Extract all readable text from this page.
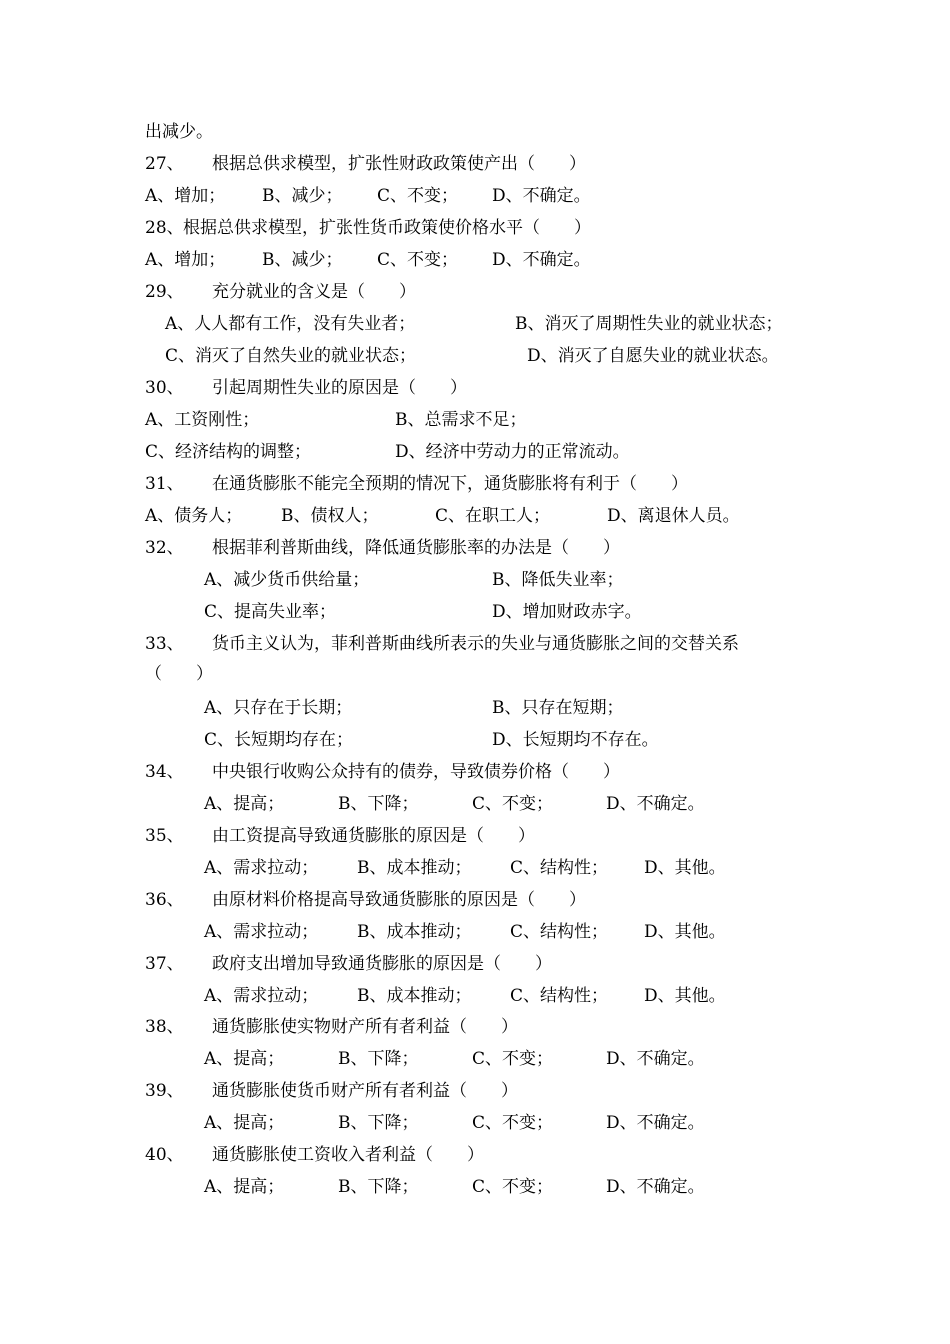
出减少。

27、

根据总供求模型，扩张性财政政策使产出（　　）

A、增加；

B、减少；

C、不变；

D、不确定。

28、

根据总供求模型，扩张性货币政策使价格水平（　　）

A、增加；

B、减少；

C、不变；

D、不确定。

29、

充分就业的含义是（　　）

A、人人都有工作，没有失业者；

	B、消灭了周期性失业的就业状态；

C、消灭了自然失业的就业状态；

	D、消灭了自愿失业的就业状态。

30、

引起周期性失业的原因是（　　）

A、工资刚性；

	B、总需求不足；

C、经济结构的调整；

	D、经济中劳动力的正常流动。

31、

在通货膨胀不能完全预期的情况下，通货膨胀将有利于（　　）

A、债务人；

B、债权人；

	C、在职工人；

	D、离退休人员。

32、

根据菲利普斯曲线，降低通货膨胀率的办法是（　　）

A、减少货币供给量；

	B、降低失业率；

C、提高失业率；

	D、增加财政赤字。

33、

货币主义认为，菲利普斯曲线所表示的失业与通货膨胀之间的交替关系

（　　）

A、只存在于长期；

	B、只存在短期；

C、长短期均存在；

	D、长短期均不存在。

34、

中央银行收购公众持有的债券，导致债券价格（　　）

A、提高；

	B、下降；

	C、不变；

	D、不确定。

35、

由工资提高导致通货膨胀的原因是（　　）

A、需求拉动；

B、成本推动；

C、结构性；

D、其他。

36、

由原材料价格提高导致通货膨胀的原因是（　　）

A、需求拉动；

B、成本推动；

C、结构性；

D、其他。

37、

政府支出增加导致通货膨胀的原因是（　　）

A、需求拉动；

B、成本推动；

C、结构性；

D、其他。

38、

通货膨胀使实物财产所有者利益（　　）

A、提高；

	B、下降；

	C、不变；

	D、不确定。

39、

通货膨胀使货币财产所有者利益（　　）

A、提高；

	B、下降；

	C、不变；

	D、不确定。

40、

通货膨胀使工资收入者利益（　　）

A、提高；

	B、下降；

	C、不变；

	D、不确定。
